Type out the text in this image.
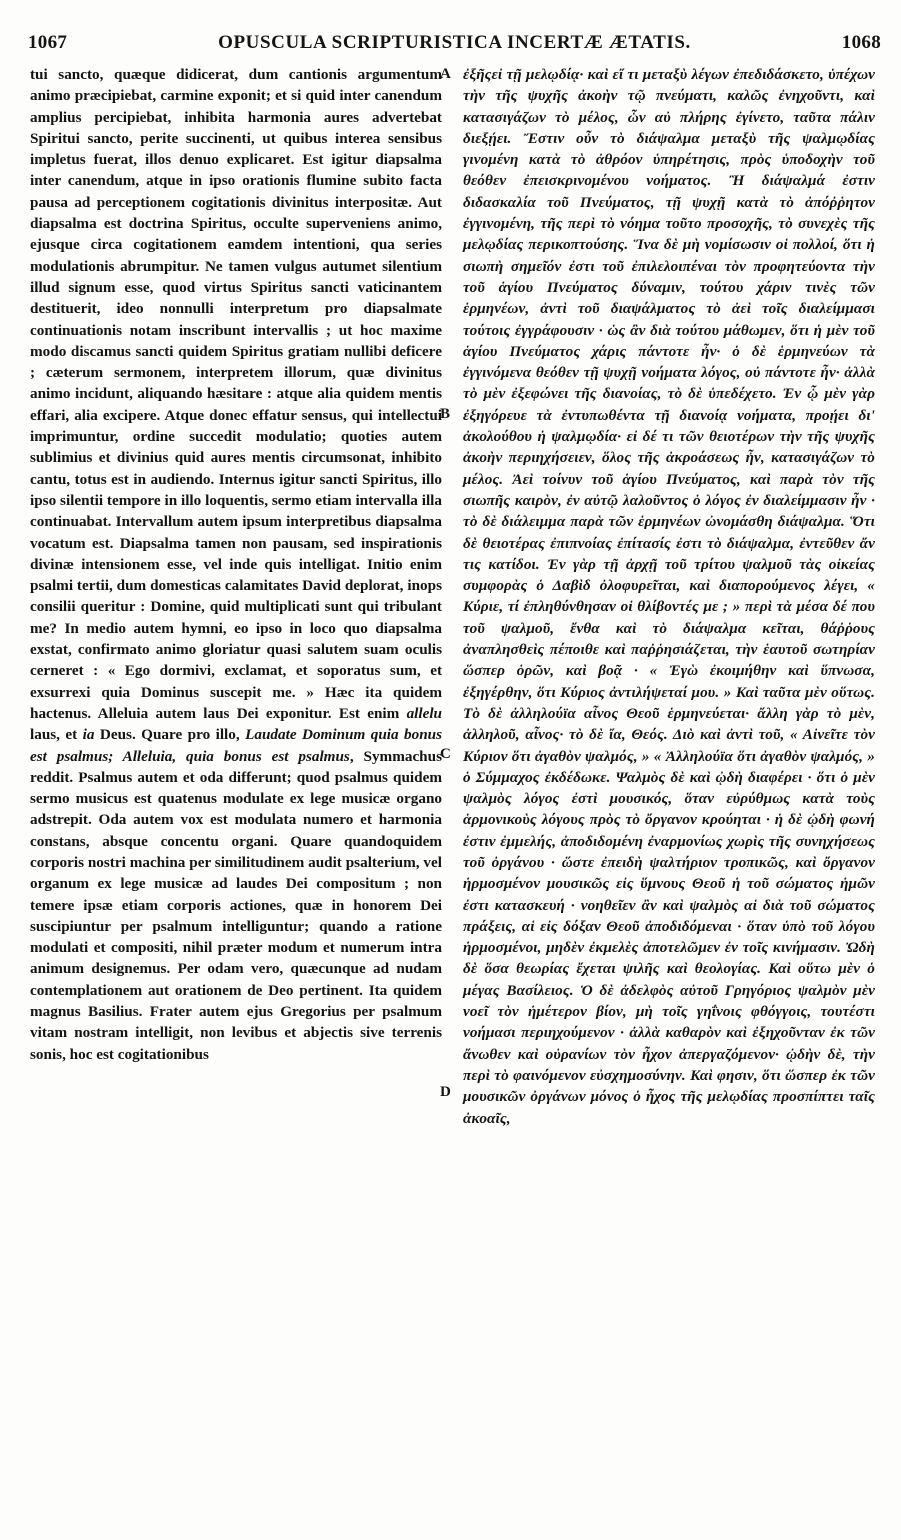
1067	OPUSCULA SCRIPTURISTICA INCERTÆ ÆTATIS.	1068

tui sancto, quæque didicerat, dum cantionis argumentum animo præcipiebat, carmine exponit; et si quid inter canendum amplius percipiebat, inhibita harmonia aures advertebat Spiritui sancto, perite succinenti, ut quibus interea sensibus impletus fuerat, illos denuo explicaret. Est igitur diapsalma inter canendum, atque in ipso orationis flumine subito facta pausa ad perceptionem cogitationis divinitus interpositæ. Aut diapsalma est doctrina Spiritus, occulte superveniens animo, ejusque circa cogitationem eamdem intentioni, qua series modulationis abrumpitur. Ne tamen vulgus autumet silentium illud signum esse, quod virtus Spiritus sancti vaticinantem destituerit, ideo nonnulli interpretum pro diapsalmate continuationis notam inscribunt intervallis ; ut hoc maxime modo discamus sancti quidem Spiritus gratiam nullibi deficere ; cæterum sermonem, interpretem illorum, quæ divinitus animo incidunt, aliquando hæsitare : atque alia quidem mentis effari, alia excipere. Atque donec effatur sensus, qui intellectui imprimuntur, ordine succedit modulatio; quoties autem sublimius et divinius quid aures mentis circumsonat, inhibito cantu, totus est in audiendo. Internus igitur sancti Spiritus, illo ipso silentii tempore in illo loquentis, sermo etiam intervalla illa continuabat. Intervallum autem ipsum interpretibus diapsalma vocatum est. Diapsalma tamen non pausam, sed inspirationis divinæ intensionem esse, vel inde quis intelligat. Initio enim psalmi tertii, dum domesticas calamitates David deplorat, inops consilii queritur : Domine, quid multiplicati sunt qui tribulant me? In medio autem hymni, eo ipso in loco quo diapsalma exstat, confirmato animo gloriatur quasi salutem suam oculis cerneret : « Ego dormivi, exclamat, et soporatus sum, et exsurrexi quia Dominus suscepit me. » Hæc ita quidem hactenus. Alleluia autem laus Dei exponitur. Est enim allelu laus, et ia Deus. Quare pro illo, Laudate Dominum quia bonus est psalmus; Alleluia, quia bonus est psalmus, Symmachus reddit. Psalmus autem et oda differunt; quod psalmus quidem sermo musicus est quatenus modulate ex lege musicæ organo adstrepit. Oda autem vox est modulata numero et harmonia constans, absque concentu organi. Quare quandoquidem corporis nostri machina per similitudinem audit psalterium, vel organum ex lege musicæ ad laudes Dei compositum ; non temere ipsæ etiam corporis actiones, quæ in honorem Dei suscipiuntur per psalmum intelliguntur; quando a ratione modulati et compositi, nihil præter modum et numerum intra animum designemus. Per odam vero, quæcunque ad nudam contemplationem aut orationem de Deo pertinent. Ita quidem magnus Basilius. Frater autem ejus Gregorius per psalmum vitam nostram intelligit, non levibus et abjectis sive terrenis sonis, hoc est cogitationibus

A
B
C
D

ἐξῆςεἰ τῇ μελῳδίᾳ· καὶ εἴ τι μεταξὺ λέγων ἐπεδιδάσκετο, ὑπέχων τὴν τῆς ψυχῆς ἀκοὴν τῷ πνεύματι, καλῶς ἐνηχοῦντι, καὶ κατασιγάζων τὸ μέλος, ὧν αὐ πλήρης ἐγίνετο, ταῦτα πάλιν διεξῄει. Ἔστιν οὖν τὸ διάψαλμα μεταξὺ τῆς ψαλμῳδίας γινομένη κατὰ τὸ ἀθρόον ὑπηρέτησις, πρὸς ὑποδοχὴν τοῦ θεόθεν ἐπεισκρινομένου νοήματος. Ἢ διάψαλμά ἐστιν διδασκαλία τοῦ Πνεύματος, τῇ ψυχῇ κατὰ τὸ ἀπόῤῥητον ἐγγινομένη, τῆς περὶ τὸ νόημα τοῦτο προσοχῆς, τὸ συνεχὲς τῆς μελῳδίας περικοπτούσης. Ἵνα δὲ μὴ νομίσωσιν οἱ πολλοί, ὅτι ἡ σιωπὴ σημεῖόν ἐστι τοῦ ἐπιλελοιπέναι τὸν προφητεύοντα τὴν τοῦ ἁγίου Πνεύματος δύναμιν, τούτου χάριν τινὲς τῶν ἑρμηνέων, ἀντὶ τοῦ διαψάλματος τὸ ἀεὶ τοῖς διαλείμμασι τούτοις ἐγγράφουσιν · ὡς ἂν διὰ τούτου μάθωμεν, ὅτι ἡ μὲν τοῦ ἁγίου Πνεύματος χάρις πάντοτε ἦν· ὁ δὲ ἑρμηνεύων τὰ ἐγγινόμενα θεόθεν τῇ ψυχῇ νοήματα λόγος, οὐ πάντοτε ἦν· ἀλλὰ τὸ μὲν ἐξεφώνει τῆς διανοίας, τὸ δὲ ὑπεδέχετο. Ἐν ᾧ μὲν γὰρ ἐξηγόρευε τὰ ἐντυπωθέντα τῇ διανοίᾳ νοήματα, προῄει δι' ἀκολούθου ἡ ψαλμῳδία· εἰ δέ τι τῶν θειοτέρων τὴν τῆς ψυχῆς ἀκοὴν περιηχήσειεν, ὅλος τῆς ἀκροάσεως ἦν, κατασιγάζων τὸ μέλος. Ἀεὶ τοίνυν τοῦ ἁγίου Πνεύματος, καὶ παρὰ τὸν τῆς σιωπῆς καιρὸν, ἐν αὐτῷ λαλοῦντος ὁ λόγος ἐν διαλείμμασιν ἦν · τὸ δὲ διάλειμμα παρὰ τῶν ἑρμηνέων ὠνομάσθη διάψαλμα. Ὅτι δὲ θειοτέρας ἐπιπνοίας ἐπίτασίς ἐστι τὸ διάψαλμα, ἐντεῦθεν ἄν τις κατίδοι. Ἐν γὰρ τῇ ἀρχῇ τοῦ τρίτου ψαλμοῦ τὰς οἰκείας συμφορὰς ὁ Δαβὶδ ὀλοφυρεῖται, καὶ διαπορούμενος λέγει, « Κύριε, τί ἐπληθύνθησαν οἱ θλίβοντές με ; » περὶ τὰ μέσα δέ που τοῦ ψαλμοῦ, ἔνθα καὶ τὸ διάψαλμα κεῖται, θάῤῥους ἀναπλησθεὶς πέποιθε καὶ παῤῥησιάζεται, τὴν ἑαυτοῦ σωτηρίαν ὥσπερ ὁρῶν, καὶ βοᾷ · « Ἐγὼ ἐκοιμήθην καὶ ὕπνωσα, ἐξηγέρθην, ὅτι Κύριος ἀντιλήψεταί μου. » Καὶ ταῦτα μὲν οὕτως. Τὸ δὲ ἀλληλούϊα αἶνος Θεοῦ ἑρμηνεύεται· ἄλλη γὰρ τὸ μὲν, ἀλληλοῦ, αἶνος· τὸ δὲ ἴα, Θεός. Διὸ καὶ ἀντὶ τοῦ, « Αἰνεῖτε τὸν Κύριον ὅτι ἀγαθὸν ψαλμός, » « Ἀλληλούϊα ὅτι ἀγαθὸν ψαλμός, » ὁ Σύμμαχος ἐκδέδωκε. Ψαλμὸς δὲ καὶ ᾠδὴ διαφέρει · ὅτι ὁ μὲν ψαλμὸς λόγος ἐστὶ μουσικός, ὅταν εὐρύθμως κατὰ τοὺς ἁρμονικοὺς λόγους πρὸς τὸ ὄργανον κρούηται · ἡ δὲ ᾠδὴ φωνή ἐστιν ἐμμελής, ἀποδιδομένη ἐναρμονίως χωρὶς τῆς συνηχήσεως τοῦ ὀργάνου · ὥστε ἐπειδὴ ψαλτήριον τροπικῶς, καὶ ὄργανον ἡρμοσμένον μουσικῶς εἰς ὕμνους Θεοῦ ἡ τοῦ σώματος ἡμῶν ἐστι κατασκευή · νοηθεῖεν ἂν καὶ ψαλμὸς αἱ διὰ τοῦ σώματος πράξεις, αἱ εἰς δόξαν Θεοῦ ἀποδιδόμεναι · ὅταν ὑπὸ τοῦ λόγου ἡρμοσμένοι, μηδὲν ἐκμελὲς ἀποτελῶμεν ἐν τοῖς κινήμασιν. Ὠδὴ δὲ ὅσα θεωρίας ἔχεται ψιλῆς καὶ θεολογίας. Καὶ οὕτω μὲν ὁ μέγας Βασίλειος. Ὁ δὲ ἀδελφὸς αὐτοῦ Γρηγόριος ψαλμὸν μὲν νοεῖ τὸν ἡμέτερον βίον, μὴ τοῖς γηΐνοις φθόγγοις, τουτέστι νοήμασι περιηχούμενον · ἀλλὰ καθαρὸν καὶ ἐξηχοῦνταν ἐκ τῶν ἄνωθεν καὶ οὐρανίων τὸν ἦχον ἀπεργαζόμενον· ᾠδὴν δὲ, τὴν περὶ τὸ φαινόμενον εὐσχημοσύνην. Καὶ φησιν, ὅτι ὥσπερ ἐκ τῶν μουσικῶν ὀργάνων μόνος ὁ ἦχος τῆς μελῳδίας προσπίπτει ταῖς ἀκοαῖς,
